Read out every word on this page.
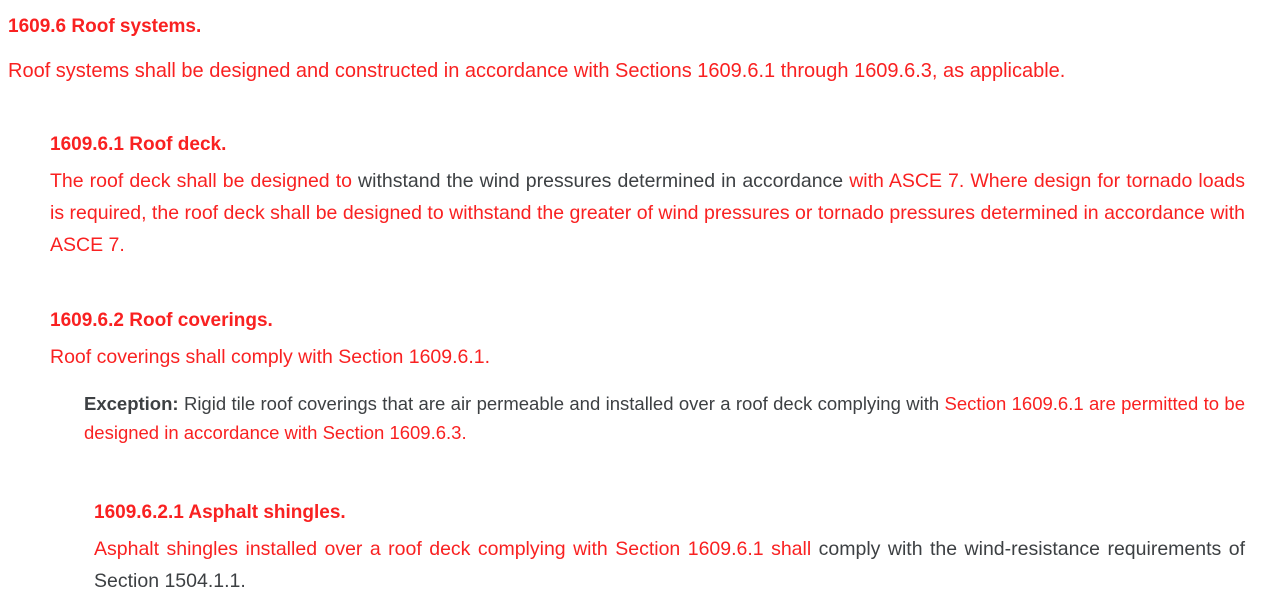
1609.6 Roof systems.

Roof systems shall be designed and constructed in accordance with Sections 1609.6.1 through 1609.6.3, as applicable.

1609.6.1 Roof deck.

The roof deck shall be designed to withstand the wind pressures determined in accordance with ASCE 7. Where design for tornado loads is required, the roof deck shall be designed to withstand the greater of wind pressures or tornado pressures determined in accordance with ASCE 7.

1609.6.2 Roof coverings.

Roof coverings shall comply with Section 1609.6.1.

Exception: Rigid tile roof coverings that are air permeable and installed over a roof deck complying with Section 1609.6.1 are permitted to be designed in accordance with Section 1609.6.3.

1609.6.2.1 Asphalt shingles.

Asphalt shingles installed over a roof deck complying with Section 1609.6.1 shall comply with the wind-resistance requirements of Section 1504.1.1.
